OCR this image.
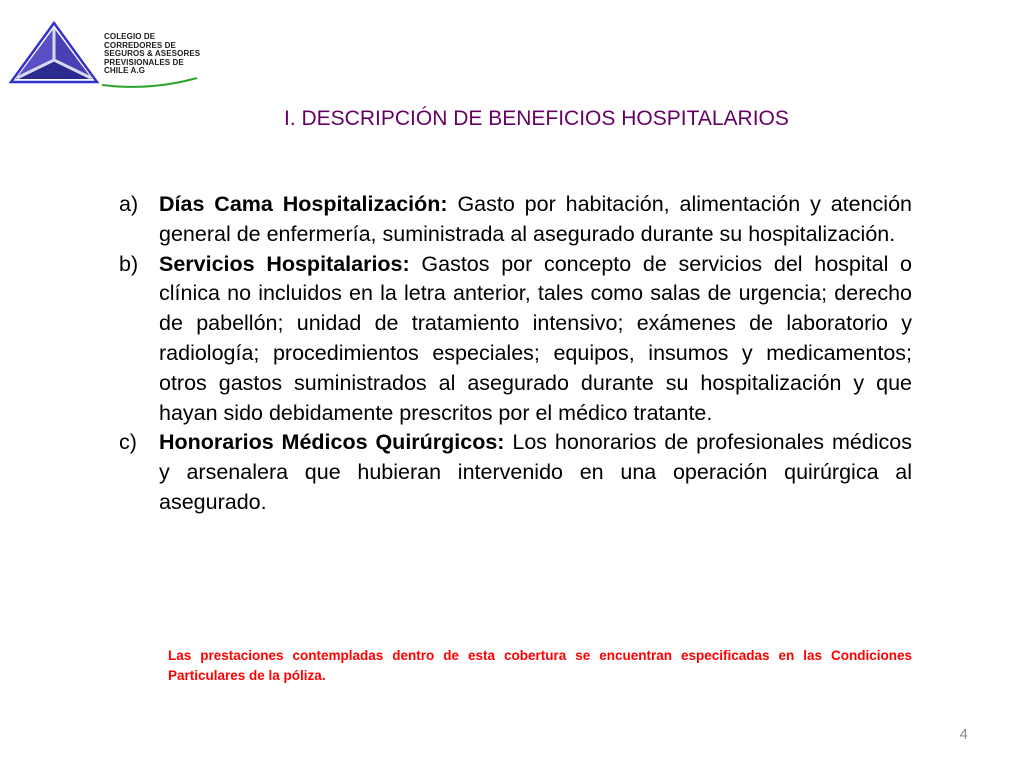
COLEGIO DE
CORREDORES DE
SEGUROS & ASESORES
PREVISIONALES DE
CHILE A.G
I. DESCRIPCIÓN DE BENEFICIOS HOSPITALARIOS
a) Días Cama Hospitalización: Gasto por habitación, alimentación y atención general de enfermería, suministrada al asegurado durante su hospitalización.
b) Servicios Hospitalarios: Gastos por concepto de servicios del hospital o clínica no incluidos en la letra anterior, tales como salas de urgencia; derecho de pabellón; unidad de tratamiento intensivo; exámenes de laboratorio y radiología; procedimientos especiales; equipos, insumos y medicamentos; otros gastos suministrados al asegurado durante su hospitalización y que hayan sido debidamente prescritos por el médico tratante.
c)	Honorarios Médicos Quirúrgicos: Los honorarios de profesionales médicos y arsenalera que hubieran intervenido en una operación quirúrgica al asegurado.
Las prestaciones contempladas dentro de esta cobertura se encuentran especificadas en las Condiciones Particulares de la póliza.
4
